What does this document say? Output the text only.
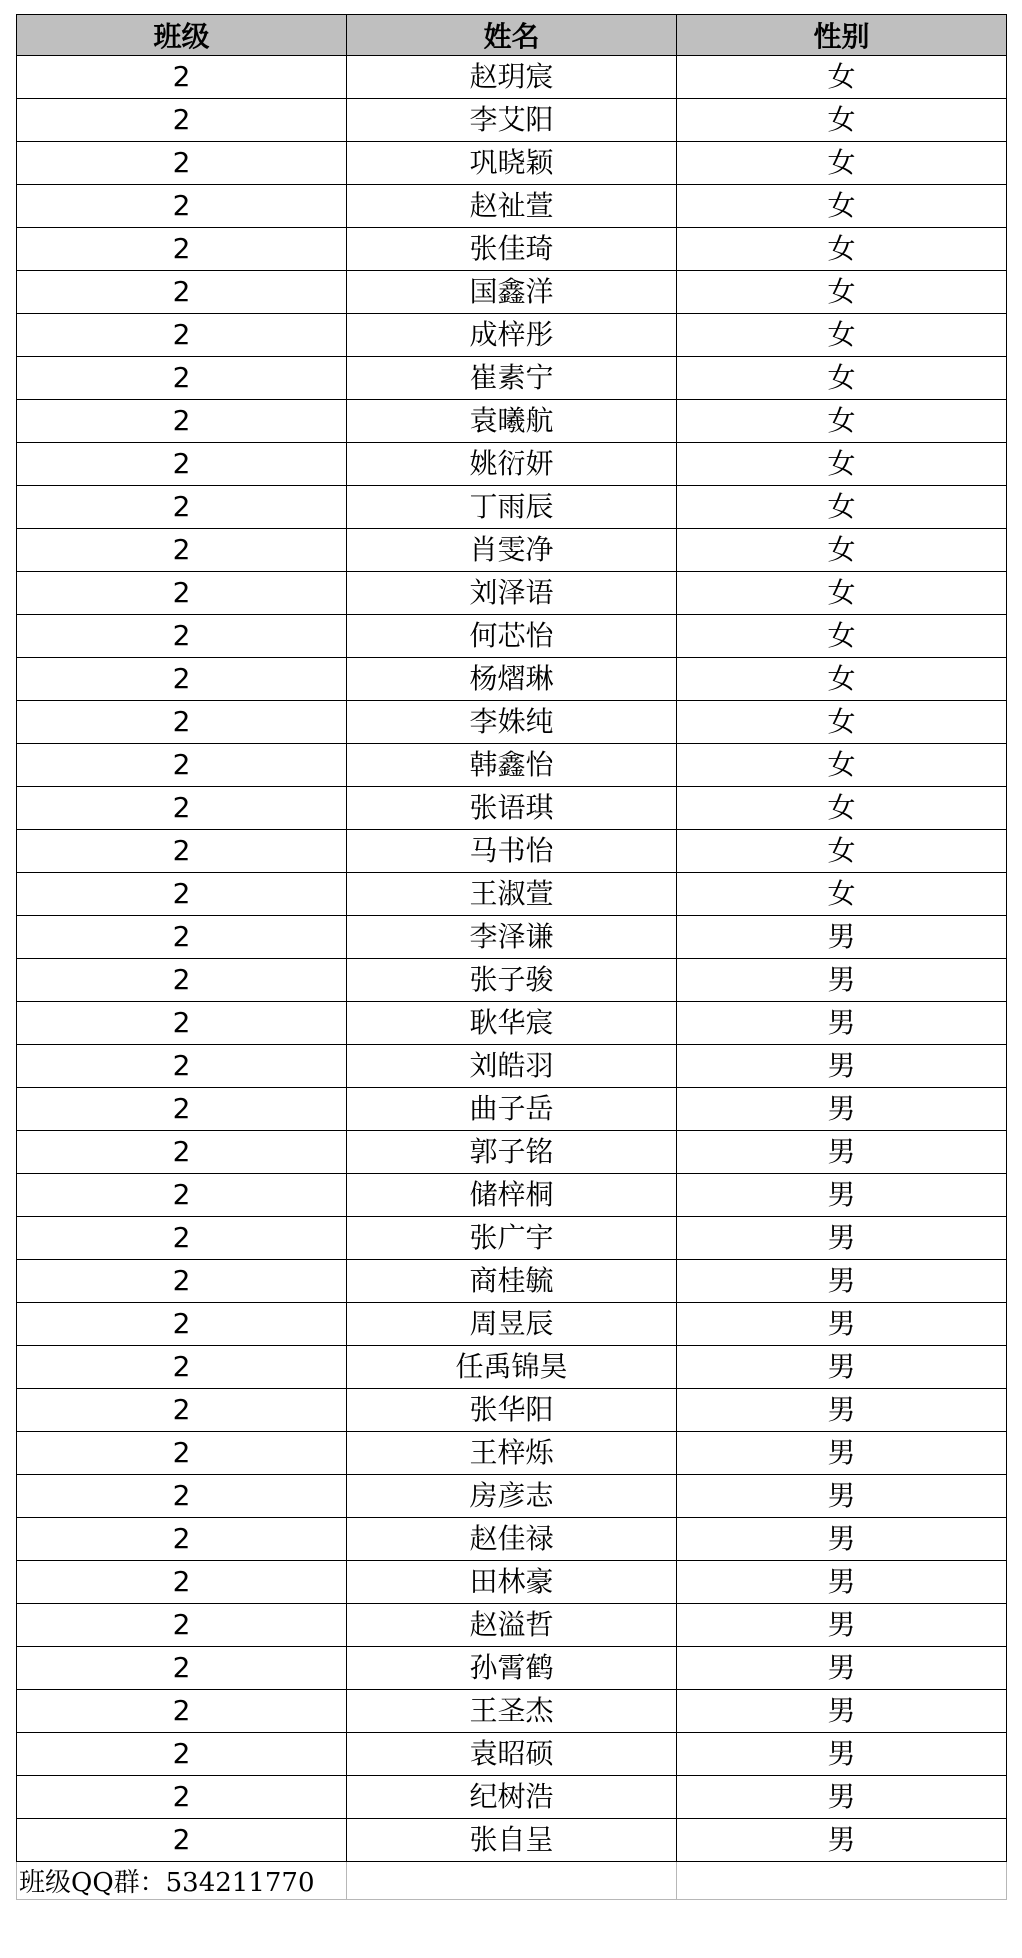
班级	姓名	性别
2	赵玥宸	女
2	李艾阳	女
2	巩晓颖	女
2	赵祉萱	女
2	张佳琦	女
2	国鑫洋	女
2	成梓彤	女
2	崔素宁	女
2	袁曦航	女
2	姚衍妍	女
2	丁雨辰	女
2	肖雯净	女
2	刘泽语	女
2	何芯怡	女
2	杨熠琳	女
2	李姝纯	女
2	韩鑫怡	女
2	张语琪	女
2	马书怡	女
2	王淑萱	女
2	李泽谦	男
2	张子骏	男
2	耿华宸	男
2	刘皓羽	男
2	曲子岳	男
2	郭子铭	男
2	储梓桐	男
2	张广宇	男
2	商桂毓	男
2	周昱辰	男
2	任禹锦昊	男
2	张华阳	男
2	王梓烁	男
2	房彦志	男
2	赵佳禄	男
2	田林豪	男
2	赵溢哲	男
2	孙霄鹤	男
2	王圣杰	男
2	袁昭硕	男
2	纪树浩	男
2	张自呈	男
班级QQ群：534211770		
